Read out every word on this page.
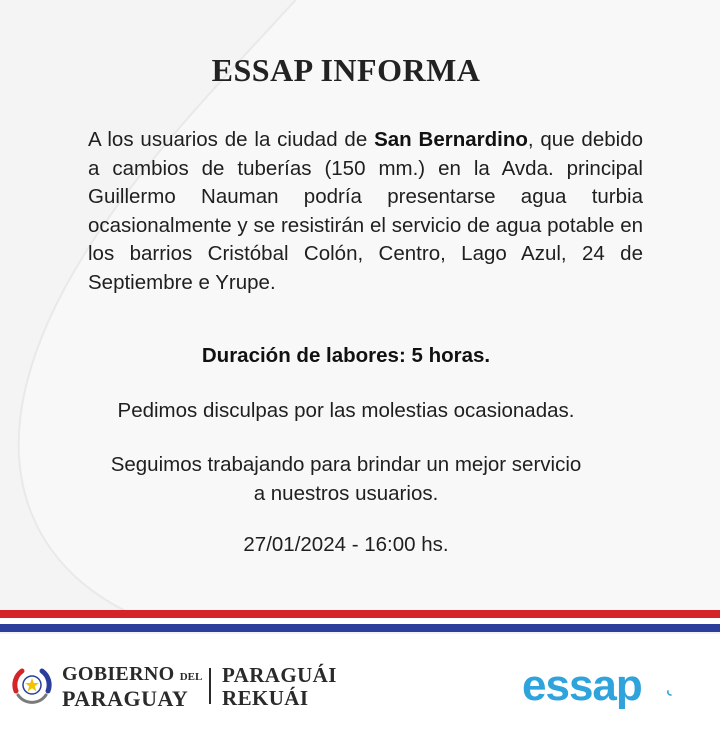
ESSAP INFORMA
A los usuarios de la ciudad de San Bernardino, que debido a cambios de tuberías (150 mm.) en la Avda. principal Guillermo Nauman podría presentarse agua turbia ocasionalmente y se resistirán el servicio de agua potable en los barrios Cristóbal Colón, Centro, Lago Azul, 24 de Septiembre e Yrupe.
Duración de labores: 5 horas.
Pedimos disculpas por las molestias ocasionadas.
Seguimos trabajando para brindar un mejor servicio
a nuestros usuarios.
27/01/2024 - 16:00 hs.
GOBIERNO DEL
PARAGUAY
PARAGUÁI
REKUÁI	essap
